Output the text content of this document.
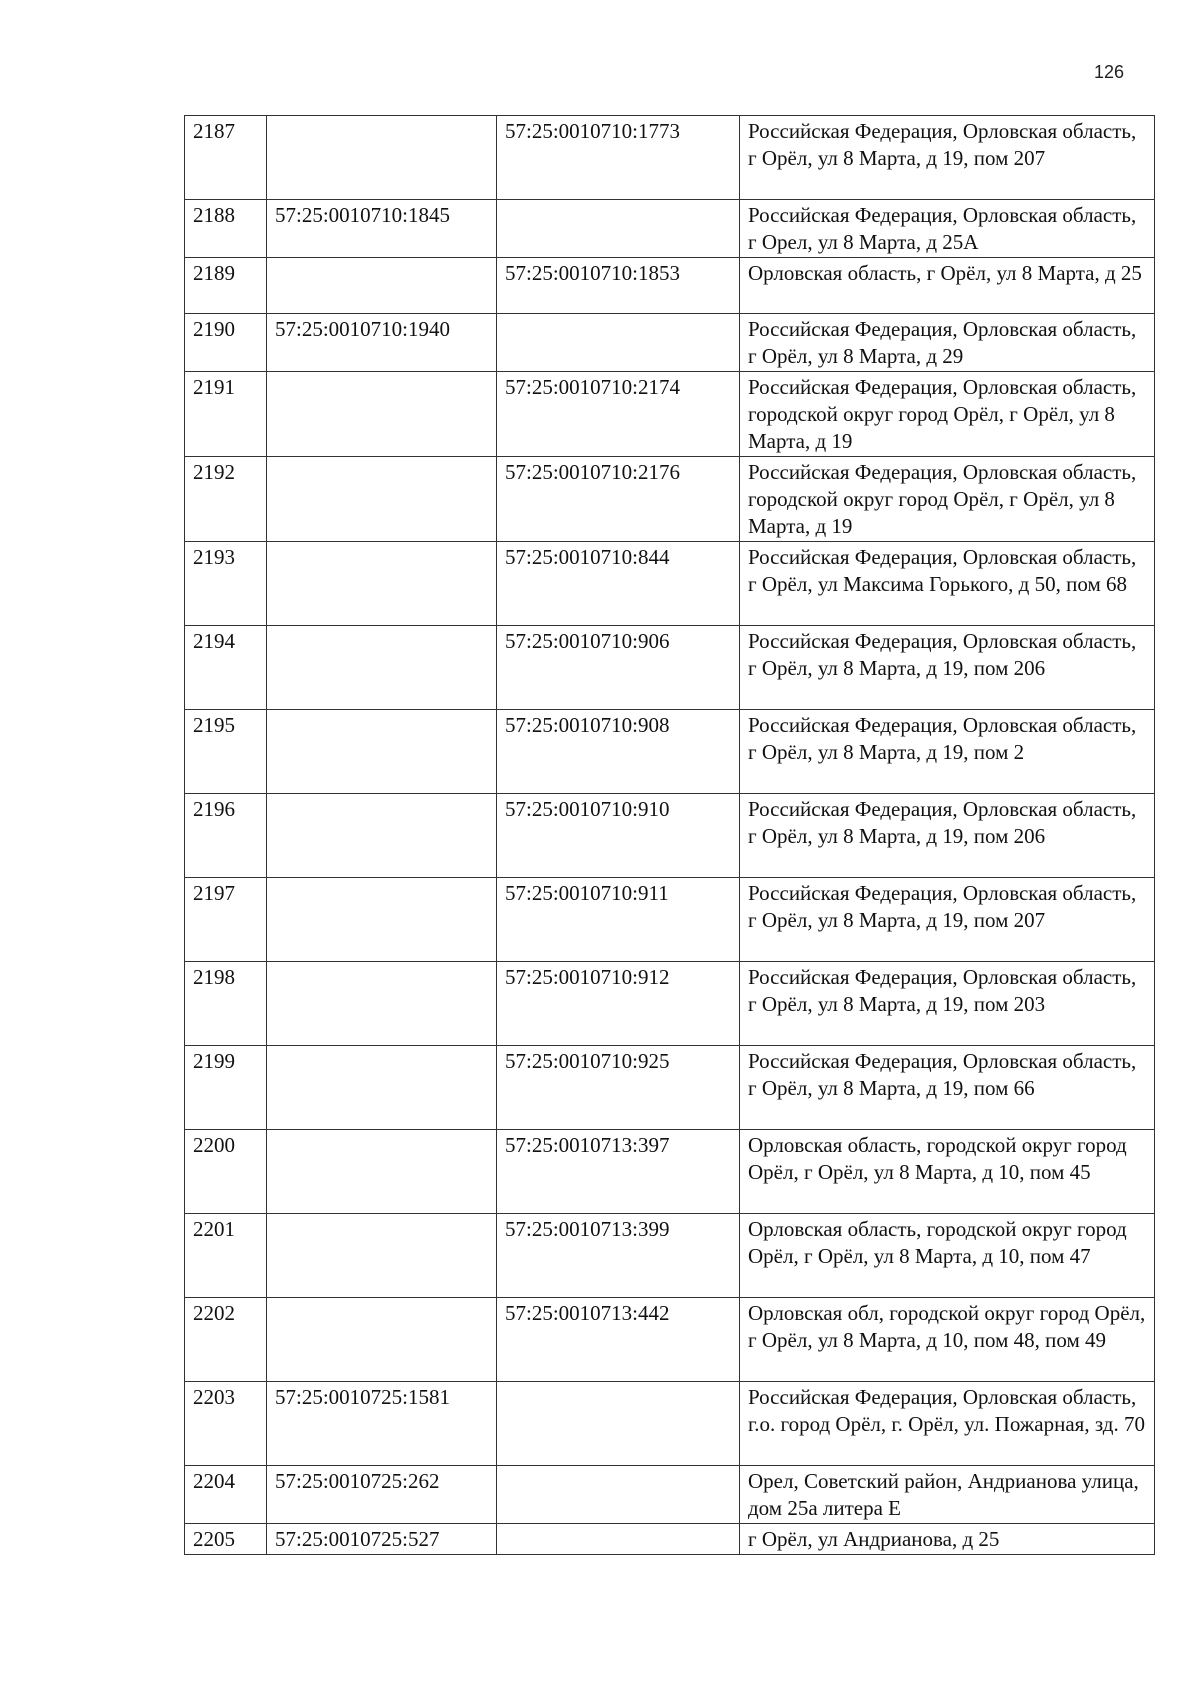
126
2187		57:25:0010710:1773	Российская Федерация, Орловская область, г Орёл, ул 8 Марта, д 19, пом 207
2188	57:25:0010710:1845		Российская Федерация, Орловская область, г Орел, ул 8 Марта, д 25А
2189		57:25:0010710:1853	Орловская область, г Орёл, ул 8 Марта, д 25
2190	57:25:0010710:1940		Российская Федерация, Орловская область, г Орёл, ул 8 Марта, д 29
2191		57:25:0010710:2174	Российская Федерация, Орловская область, городской округ город Орёл, г Орёл, ул 8 Марта, д 19
2192		57:25:0010710:2176	Российская Федерация, Орловская область, городской округ город Орёл, г Орёл, ул 8 Марта, д 19
2193		57:25:0010710:844	Российская Федерация, Орловская область, г Орёл, ул Максима Горького, д 50, пом 68
2194		57:25:0010710:906	Российская Федерация, Орловская область, г Орёл, ул 8 Марта, д 19, пом 206
2195		57:25:0010710:908	Российская Федерация, Орловская область, г Орёл, ул 8 Марта, д 19, пом 2
2196		57:25:0010710:910	Российская Федерация, Орловская область, г Орёл, ул 8 Марта, д 19, пом 206
2197		57:25:0010710:911	Российская Федерация, Орловская область, г Орёл, ул 8 Марта, д 19, пом 207
2198		57:25:0010710:912	Российская Федерация, Орловская область, г Орёл, ул 8 Марта, д 19, пом 203
2199		57:25:0010710:925	Российская Федерация, Орловская область, г Орёл, ул 8 Марта, д 19, пом 66
2200		57:25:0010713:397	Орловская область, городской округ город Орёл, г Орёл, ул 8 Марта, д 10, пом 45
2201		57:25:0010713:399	Орловская область, городской округ город Орёл, г Орёл, ул 8 Марта, д 10, пом 47
2202		57:25:0010713:442	Орловская обл, городской округ город Орёл, г Орёл, ул 8 Марта, д 10, пом 48, пом 49
2203	57:25:0010725:1581		Российская Федерация, Орловская область, г.о. город Орёл, г. Орёл, ул. Пожарная, зд. 70
2204	57:25:0010725:262		Орел, Советский район, Андрианова улица, дом 25а литера Е
2205	57:25:0010725:527		г Орёл, ул Андрианова, д 25
